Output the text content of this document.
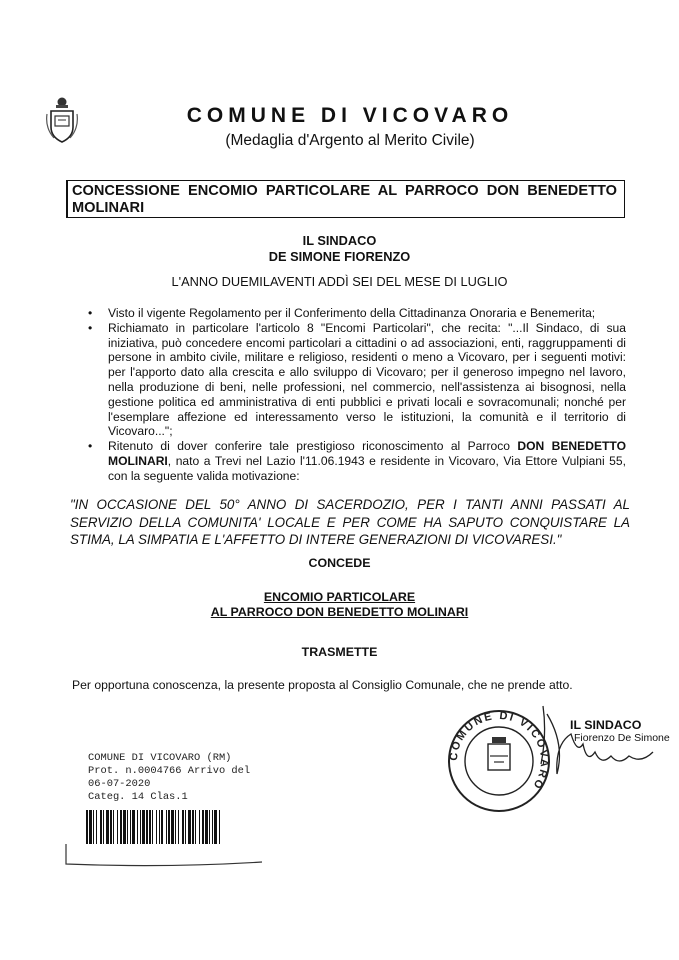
COMUNE DI VICOVARO
(Medaglia d'Argento al Merito Civile)
CONCESSIONE ENCOMIO PARTICOLARE AL PARROCO DON BENEDETTO MOLINARI
IL SINDACO
DE SIMONE FIORENZO
L'ANNO DUEMILAVENTI ADDÌ SEI DEL MESE DI LUGLIO
• Visto il vigente Regolamento per il Conferimento della Cittadinanza Onoraria e Benemerita;
• Richiamato in particolare l'articolo 8 "Encomi Particolari", che recita: "...Il Sindaco, di sua iniziativa, può concedere encomi particolari a cittadini o ad associazioni, enti, raggruppamenti di persone in ambito civile, militare e religioso, residenti o meno a Vicovaro, per i seguenti motivi: per l'apporto dato alla crescita e allo sviluppo di Vicovaro; per il generoso impegno nel lavoro, nella produzione di beni, nelle professioni, nel commercio, nell'assistenza ai bisognosi, nella gestione politica ed amministrativa di enti pubblici e privati locali e sovracomunali; nonché per l'esemplare affezione ed interessamento verso le istituzioni, la comunità e il territorio di Vicovaro...";
• Ritenuto di dover conferire tale prestigioso riconoscimento al Parroco DON BENEDETTO MOLINARI, nato a Trevi nel Lazio l'11.06.1943 e residente in Vicovaro, Via Ettore Vulpiani 55, con la seguente valida motivazione:
"IN OCCASIONE DEL 50° ANNO DI SACERDOZIO, PER I TANTI ANNI PASSATI AL SERVIZIO DELLA COMUNITA' LOCALE E PER COME HA SAPUTO CONQUISTARE LA STIMA, LA SIMPATIA E L'AFFETTO DI INTERE GENERAZIONI DI VICOVARESI."
CONCEDE
ENCOMIO PARTICOLARE
AL PARROCO DON BENEDETTO MOLINARI
TRASMETTE
Per opportuna conoscenza, la presente proposta al Consiglio Comunale, che ne prende atto.
COMUNE DI VICOVARO
IL SINDACO
Fiorenzo De Simone
COMUNE DI VICOVARO (RM)
Prot. n.0004766 Arrivo del
06-07-2020
Categ. 14 Clas.1
